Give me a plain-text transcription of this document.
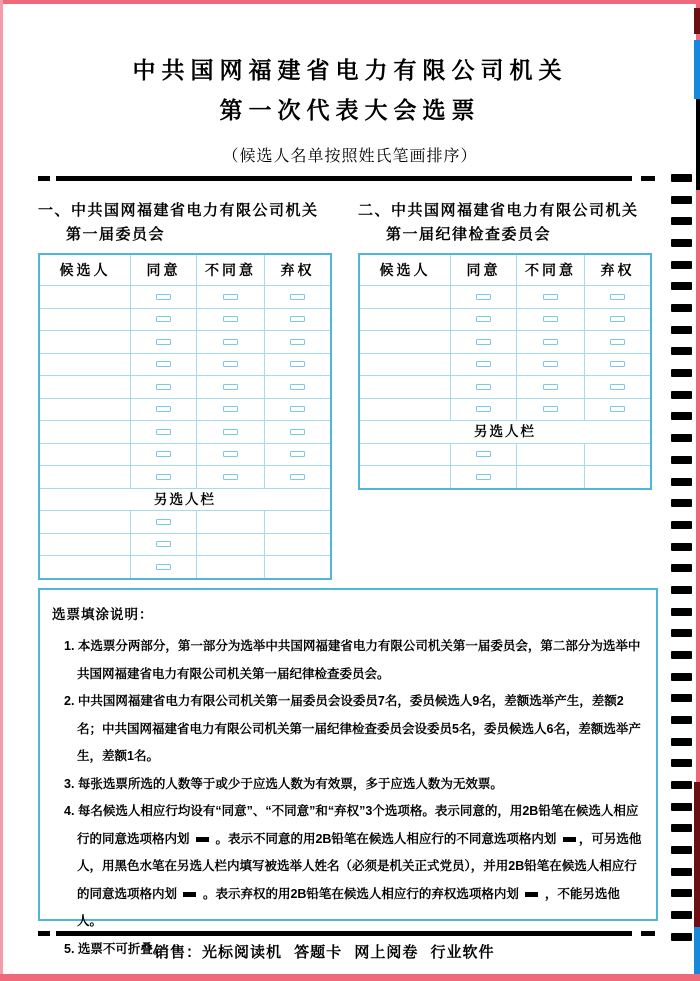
中共国网福建省电力有限公司机关
第一次代表大会选票
（候选人名单按照姓氏笔画排序）
一、中共国网福建省电力有限公司机关
第一届委员会
二、中共国网福建省电力有限公司机关
第一届纪律检查委员会
候选人	同意	不同意	弃权
另选人栏
候选人	同意	不同意	弃权
另选人栏
选票填涂说明：
1. 本选票分两部分，第一部分为选举中共国网福建省电力有限公司机关第一届委员会，第二部分为选举中共国网福建省电力有限公司机关第一届纪律检查委员会。
2. 中共国网福建省电力有限公司机关第一届委员会设委员7名，委员候选人9名，差额选举产生，差额2名；中共国网福建省电力有限公司机关第一届纪律检查委员会设委员5名，委员候选人6名，差额选举产生，差额1名。
3. 每张选票所选的人数等于或少于应选人数为有效票，多于应选人数为无效票。
4. 每名候选人相应行均设有“同意”、“不同意”和“弃权”3个选项格。表示同意的，用2B铅笔在候选人相应行的同意选项格内划  。表示不同意的用2B铅笔在候选人相应行的不同意选项格内划 ，可另选他人，用黑色水笔在另选人栏内填写被选举人姓名（必须是机关正式党员），并用2B铅笔在候选人相应行的同意选项格内划  。表示弃权的用2B铅笔在候选人相应行的弃权选项格内划  ，不能另选他人。
5. 选票不可折叠。
销售：光标阅读机 答题卡 网上阅卷 行业软件
